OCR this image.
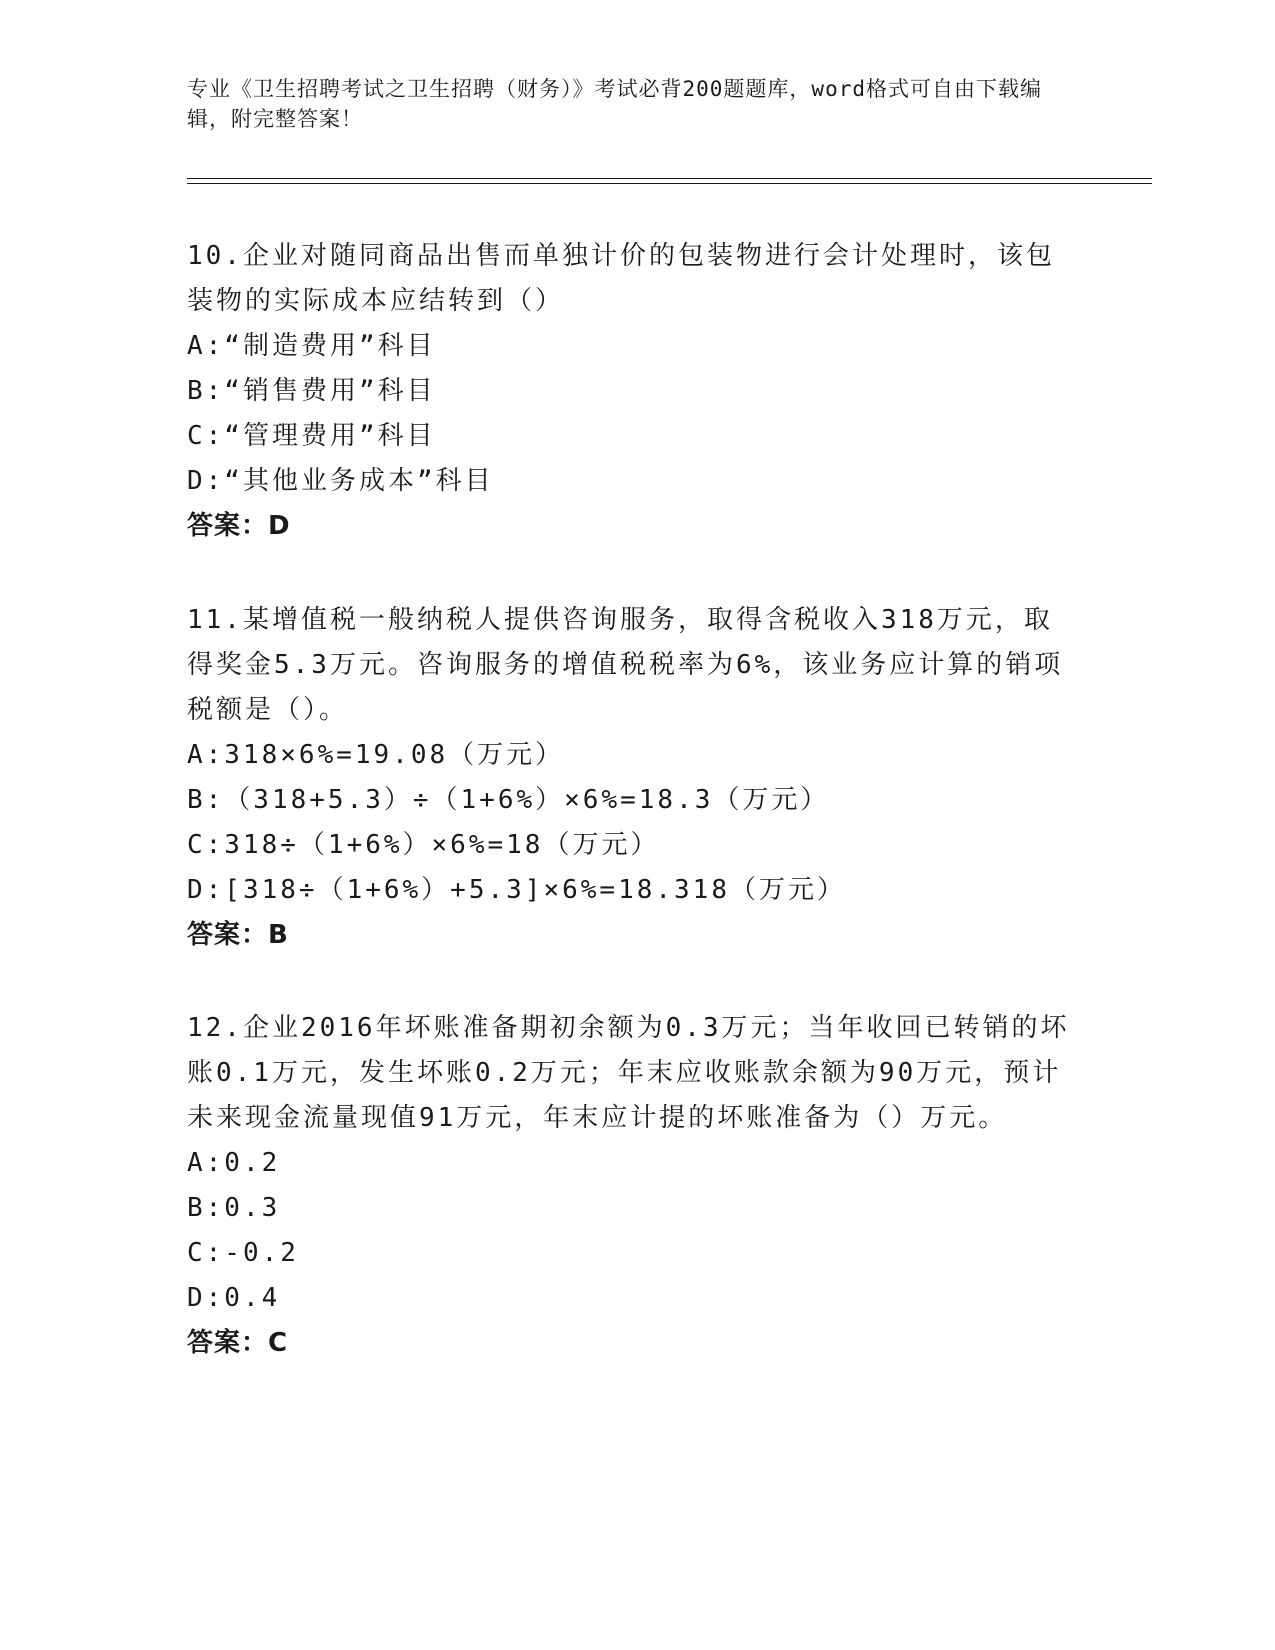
专业《卫生招聘考试之卫生招聘（财务）》考试必背200题题库，word格式可自由下载编辑，附完整答案！

10.企业对随同商品出售而单独计价的包装物进行会计处理时，该包装物的实际成本应结转到（）

A:“制造费用”科目

B:“销售费用”科目

C:“管理费用”科目

D:“其他业务成本”科目

答案：D

11.某增值税一般纳税人提供咨询服务，取得含税收入318万元，取得奖金5.3万元。咨询服务的增值税税率为6%，该业务应计算的销项税额是（）。

A:318×6%=19.08（万元）

B:（318+5.3）÷（1+6%）×6%=18.3（万元）

C:318÷（1+6%）×6%=18（万元）

D:[318÷（1+6%）+5.3]×6%=18.318（万元）

答案：B

12.企业2016年坏账准备期初余额为0.3万元；当年收回已转销的坏账0.1万元，发生坏账0.2万元；年末应收账款余额为90万元，预计未来现金流量现值91万元，年末应计提的坏账准备为（）万元。

A:0.2

B:0.3

C:-0.2

D:0.4

答案：C
